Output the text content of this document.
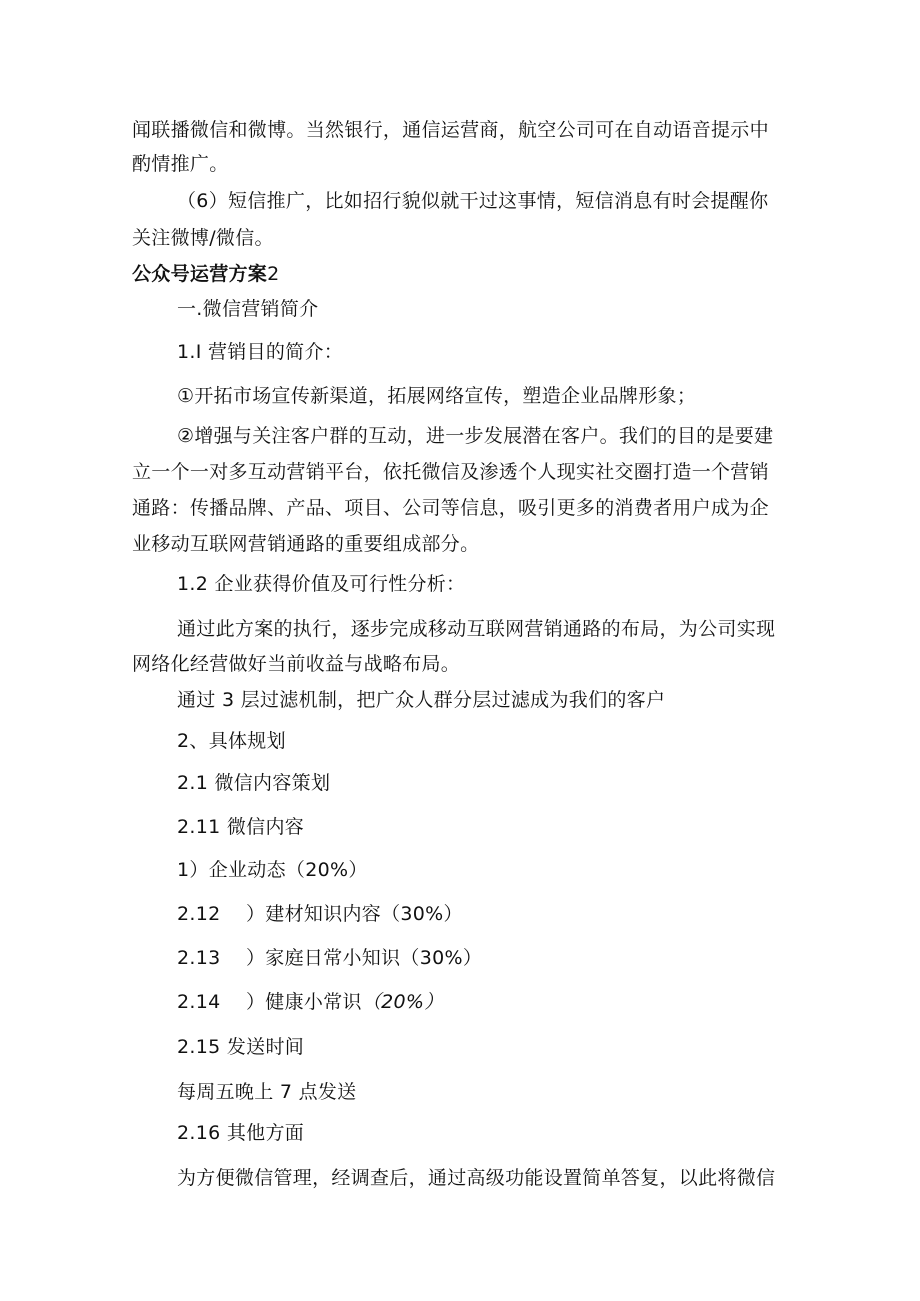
闻联播微信和微博。当然银行，通信运营商，航空公司可在自动语音提示中
酌情推广。
（6）短信推广，比如招行貌似就干过这事情，短信消息有时会提醒你
关注微博/微信。
公众号运营方案2
一.微信营销简介
1.I 营销目的简介：
①开拓市场宣传新渠道，拓展网络宣传，塑造企业品牌形象；
②增强与关注客户群的互动，进一步发展潜在客户。我们的目的是要建
立一个一对多互动营销平台，依托微信及渗透个人现实社交圈打造一个营销
通路：传播品牌、产品、项目、公司等信息，吸引更多的消费者用户成为企
业移动互联网营销通路的重要组成部分。
1.2 企业获得价值及可行性分析：
通过此方案的执行，逐步完成移动互联网营销通路的布局，为公司实现
网络化经营做好当前收益与战略布局。
通过 3 层过滤机制，把广众人群分层过滤成为我们的客户
2、具体规划
2.1 微信内容策划
2.11 微信内容
1）企业动态（20%）
2.12 ）建材知识内容（30%）
2.13 ）家庭日常小知识（30%）
2.14 ）健康小常识（20%）
2.15 发送时间
每周五晚上 7 点发送
2.16 其他方面
为方便微信管理，经调查后，通过高级功能设置简单答复，以此将微信
